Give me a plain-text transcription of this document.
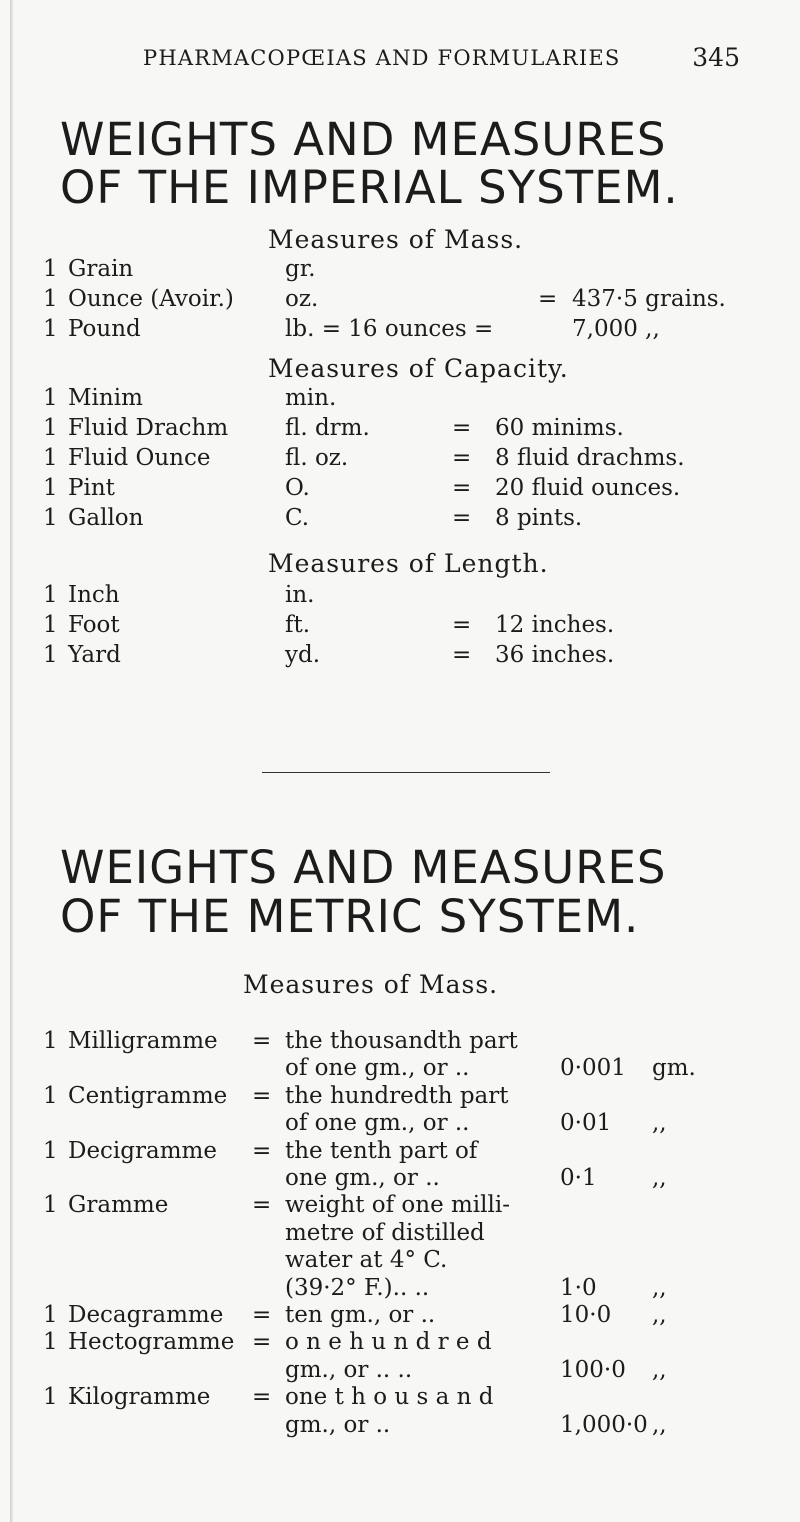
PHARMACOPŒIAS AND FORMULARIES	345
WEIGHTS AND MEASURES
OF THE IMPERIAL SYSTEM.
Measures of Mass.
1 Grain	gr.
1 Ounce (Avoir.) oz.	= 437·5 grains.
1 Pound	lb. = 16 ounces =	7,000 ,,
Measures of Capacity.
1 Minim	min.
1 Fluid Drachm fl. drm.	= 60 minims.
1 Fluid Ounce	fl. oz.	= 8 fluid drachms.
1 Pint	O.	= 20 fluid ounces.
1 Gallon	C.	= 8 pints.
Measures of Length.
1 Inch	in.
1 Foot	ft.	= 12 inches.
1 Yard	yd.	= 36 inches.
WEIGHTS AND MEASURES
OF THE METRIC SYSTEM.
Measures of Mass.
1 Milligramme = the thousandth part
of one gm., or ..	0·001 gm.
1 Centigramme = the hundredth part
of one gm., or ..	0·01 ,,
1 Decigramme = the tenth part of
one gm., or ..	0·1 ,,
1 Gramme	= weight of one milli-
metre of distilled
water at 4° C.
(39·2° F.).. ..	1·0 ,,
1 Decagramme = ten gm., or ..	10·0 ,,
1 Hectogramme = o n e h u n d r e d
gm., or .. ..	100·0 ,,
1 Kilogramme = one t h o u s a n d
gm., or ..	1,000·0 ,,
